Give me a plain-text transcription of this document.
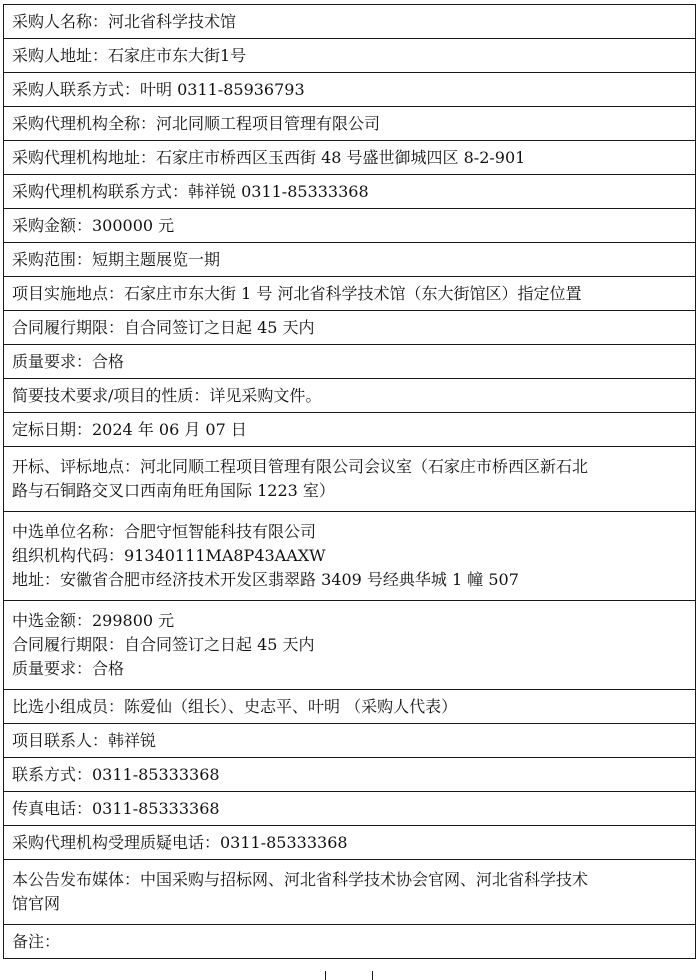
采购人名称：河北省科学技术馆

采购人地址：石家庄市东大街1号

采购人联系方式：叶明 0311-85936793

采购代理机构全称：河北同顺工程项目管理有限公司

采购代理机构地址：石家庄市桥西区玉西街 48 号盛世御城四区 8-2-901

采购代理机构联系方式：韩祥锐 0311-85333368

采购金额：300000 元

采购范围：短期主题展览一期

项目实施地点：石家庄市东大街 1 号 河北省科学技术馆（东大街馆区）指定位置

合同履行期限：自合同签订之日起 45 天内

质量要求：合格

简要技术要求/项目的性质：详见采购文件。

定标日期：2024 年 06 月 07 日

开标、评标地点：河北同顺工程项目管理有限公司会议室（石家庄市桥西区新石北
路与石铜路交叉口西南角旺角国际 1223 室）

中选单位名称：合肥守恒智能科技有限公司
组织机构代码：91340111MA8P43AAXW
地址：安徽省合肥市经济技术开发区翡翠路 3409 号经典华城 1 幢 507

中选金额：299800 元
合同履行期限：自合同签订之日起 45 天内
质量要求：合格

比选小组成员：陈爱仙（组长）、史志平、叶明 （采购人代表）

项目联系人：韩祥锐

联系方式：0311-85333368

传真电话：0311-85333368

采购代理机构受理质疑电话：0311-85333368

本公告发布媒体：中国采购与招标网、河北省科学技术协会官网、河北省科学技术
馆官网

备注：
